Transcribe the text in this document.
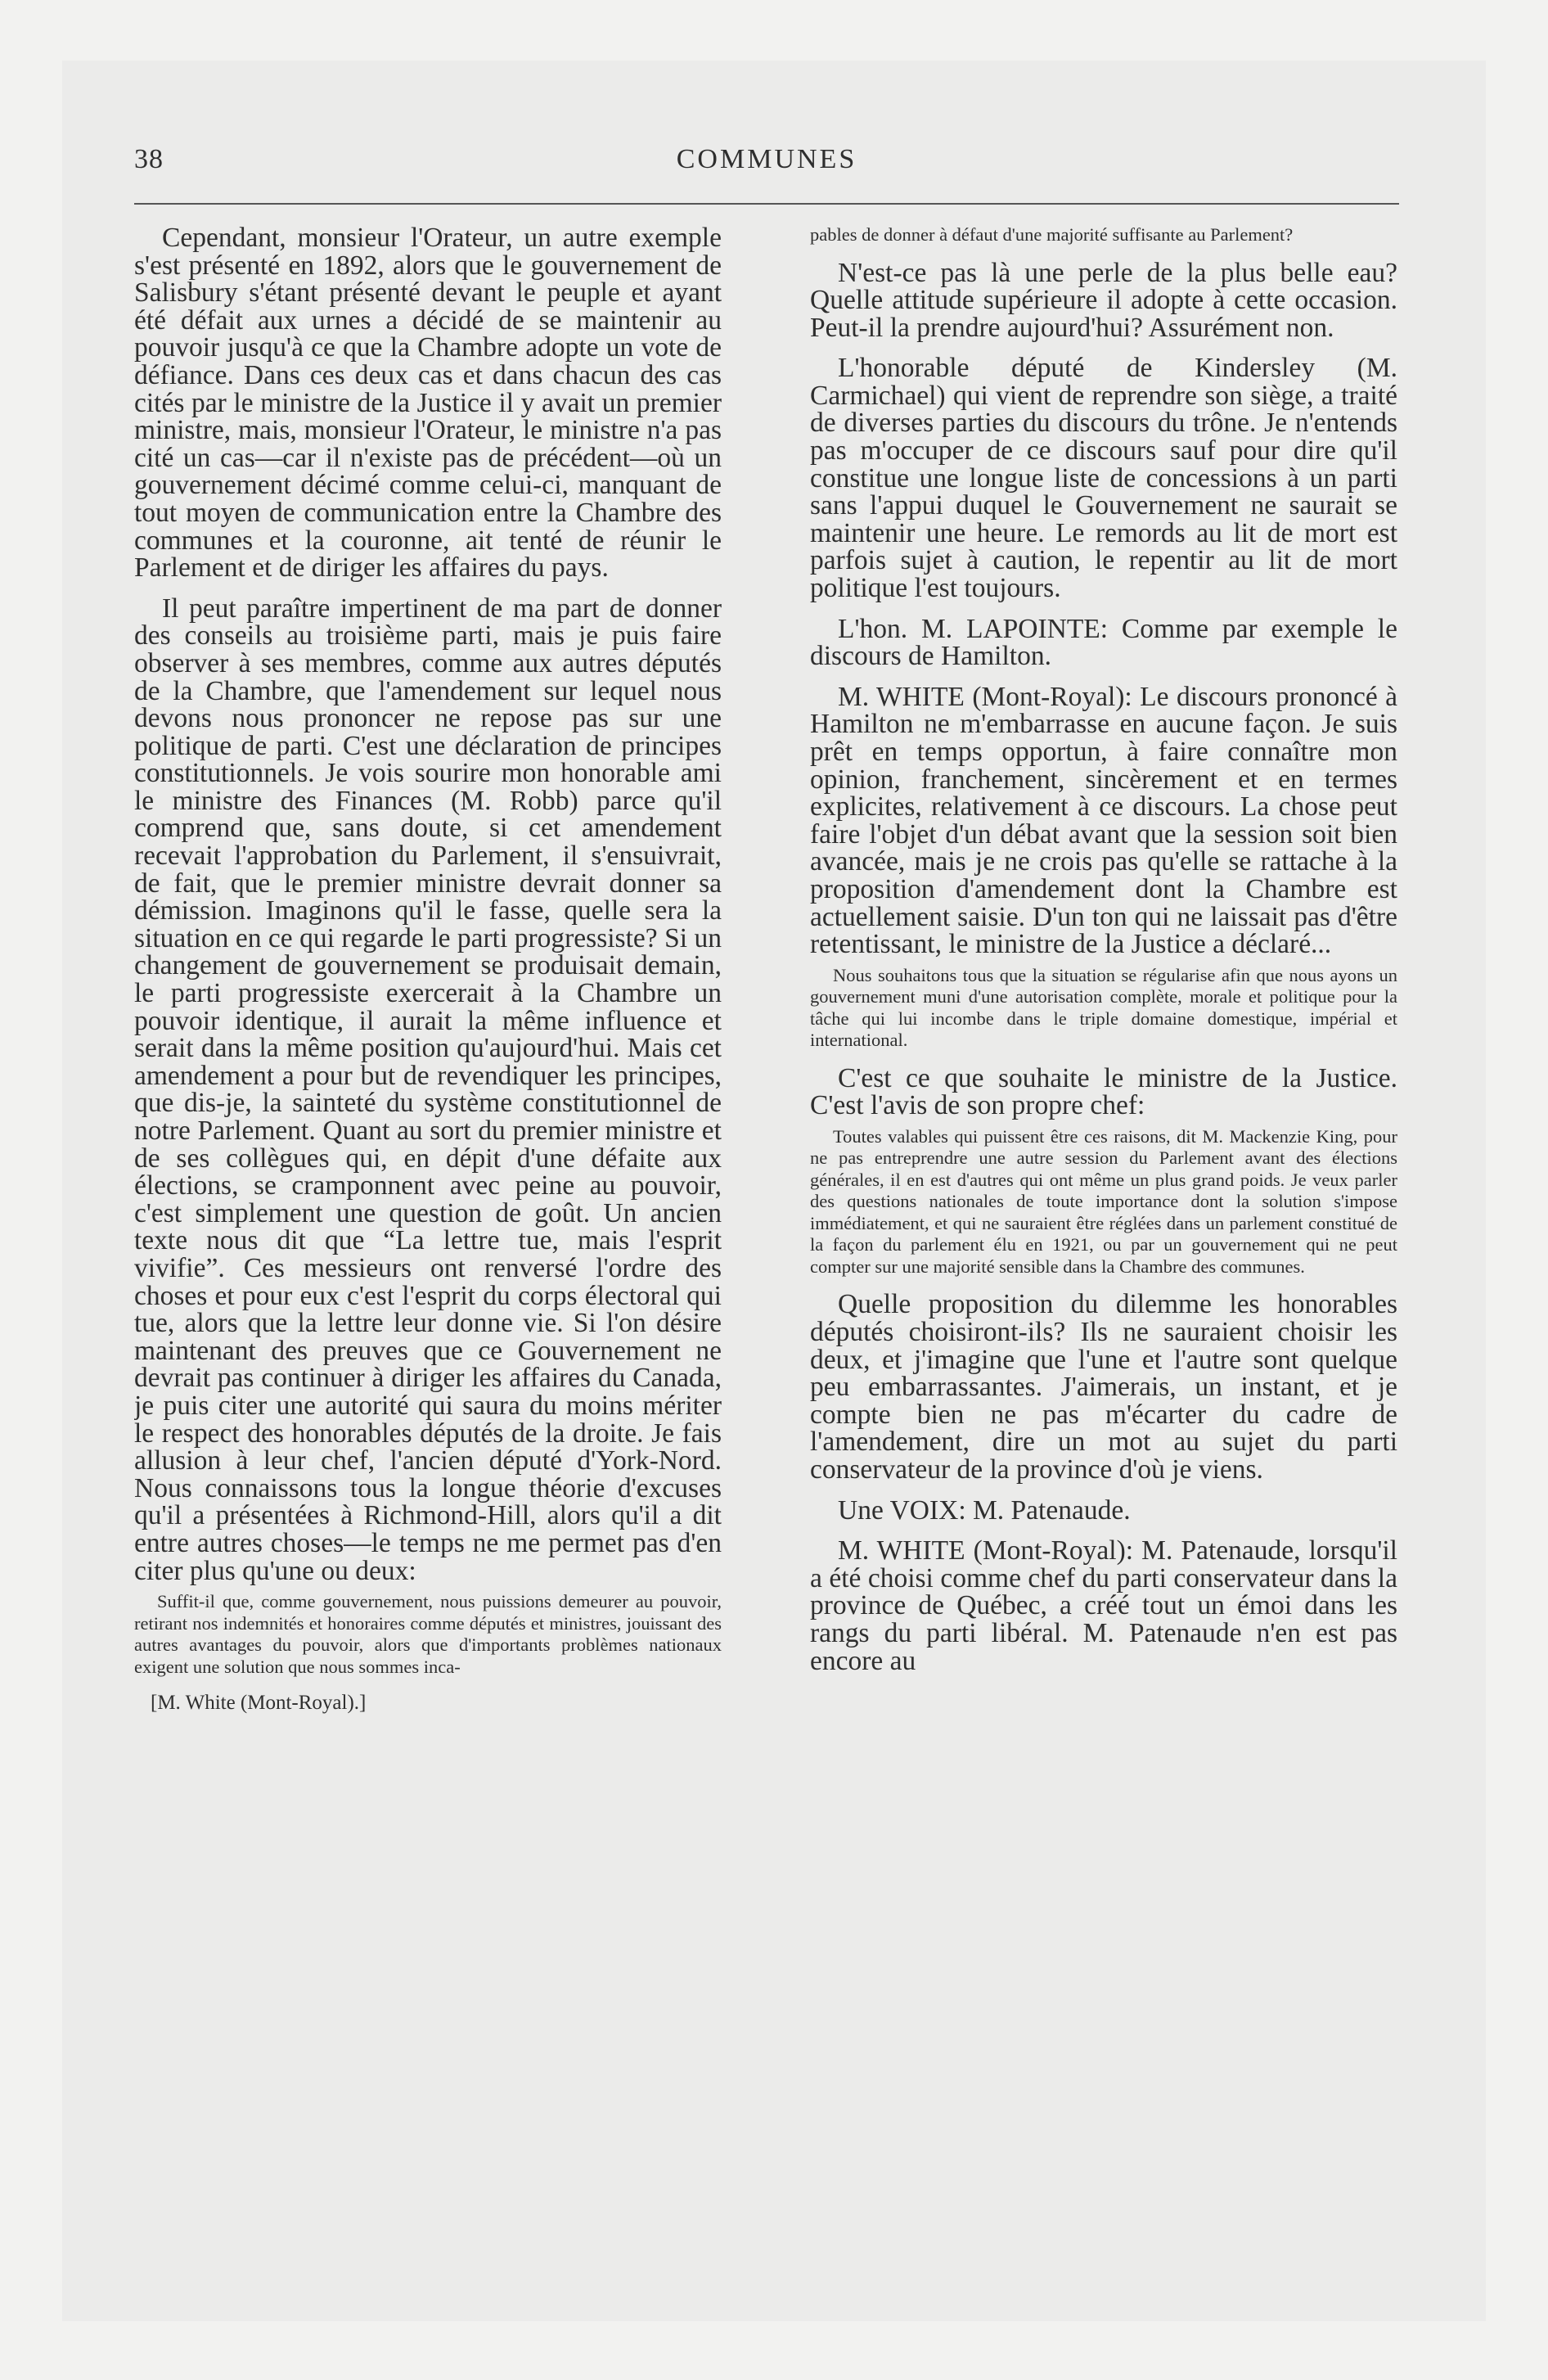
38	COMMUNES

Cependant, monsieur l'Orateur, un autre exemple s'est présenté en 1892, alors que le gouvernement de Salisbury s'étant présenté devant le peuple et ayant été défait aux urnes a décidé de se maintenir au pouvoir jusqu'à ce que la Chambre adopte un vote de défiance. Dans ces deux cas et dans chacun des cas cités par le ministre de la Justice il y avait un premier ministre, mais, monsieur l'Orateur, le ministre n'a pas cité un cas—car il n'existe pas de précédent—où un gouvernement décimé comme celui-ci, manquant de tout moyen de communication entre la Chambre des communes et la couronne, ait tenté de réunir le Parlement et de diriger les affaires du pays.

Il peut paraître impertinent de ma part de donner des conseils au troisième parti, mais je puis faire observer à ses membres, comme aux autres députés de la Chambre, que l'amendement sur lequel nous devons nous prononcer ne repose pas sur une politique de parti. C'est une déclaration de principes constitutionnels. Je vois sourire mon honorable ami le ministre des Finances (M. Robb) parce qu'il comprend que, sans doute, si cet amendement recevait l'approbation du Parlement, il s'ensuivrait, de fait, que le premier ministre devrait donner sa démission. Imaginons qu'il le fasse, quelle sera la situation en ce qui regarde le parti progressiste? Si un changement de gouvernement se produisait demain, le parti progressiste exercerait à la Chambre un pouvoir identique, il aurait la même influence et serait dans la même position qu'aujourd'hui. Mais cet amendement a pour but de revendiquer les principes, que dis-je, la sainteté du système constitutionnel de notre Parlement. Quant au sort du premier ministre et de ses collègues qui, en dépit d'une défaite aux élections, se cramponnent avec peine au pouvoir, c'est simplement une question de goût. Un ancien texte nous dit que “La lettre tue, mais l'esprit vivifie”. Ces messieurs ont renversé l'ordre des choses et pour eux c'est l'esprit du corps électoral qui tue, alors que la lettre leur donne vie. Si l'on désire maintenant des preuves que ce Gouvernement ne devrait pas continuer à diriger les affaires du Canada, je puis citer une autorité qui saura du moins mériter le respect des honorables députés de la droite. Je fais allusion à leur chef, l'ancien député d'York-Nord. Nous connaissons tous la longue théorie d'excuses qu'il a présentées à Richmond-Hill, alors qu'il a dit entre autres choses—le temps ne me permet pas d'en citer plus qu'une ou deux:

Suffit-il que, comme gouvernement, nous puissions demeurer au pouvoir, retirant nos indemnités et honoraires comme députés et ministres, jouissant des autres avantages du pouvoir, alors que d'importants problèmes nationaux exigent une solution que nous sommes inca-

[M. White (Mont-Royal).]

pables de donner à défaut d'une majorité suffisante au Parlement?

N'est-ce pas là une perle de la plus belle eau? Quelle attitude supérieure il adopte à cette occasion. Peut-il la prendre aujourd'hui? Assurément non.

L'honorable député de Kindersley (M. Carmichael) qui vient de reprendre son siège, a traité de diverses parties du discours du trône. Je n'entends pas m'occuper de ce discours sauf pour dire qu'il constitue une longue liste de concessions à un parti sans l'appui duquel le Gouvernement ne saurait se maintenir une heure. Le remords au lit de mort est parfois sujet à caution, le repentir au lit de mort politique l'est toujours.

L'hon. M. LAPOINTE: Comme par exemple le discours de Hamilton.

M. WHITE (Mont-Royal): Le discours prononcé à Hamilton ne m'embarrasse en aucune façon. Je suis prêt en temps opportun, à faire connaître mon opinion, franchement, sincèrement et en termes explicites, relativement à ce discours. La chose peut faire l'objet d'un débat avant que la session soit bien avancée, mais je ne crois pas qu'elle se rattache à la proposition d'amendement dont la Chambre est actuellement saisie. D'un ton qui ne laissait pas d'être retentissant, le ministre de la Justice a déclaré...

Nous souhaitons tous que la situation se régularise afin que nous ayons un gouvernement muni d'une autorisation complète, morale et politique pour la tâche qui lui incombe dans le triple domaine domestique, impérial et international.

C'est ce que souhaite le ministre de la Justice. C'est l'avis de son propre chef:

Toutes valables qui puissent être ces raisons, dit M. Mackenzie King, pour ne pas entreprendre une autre session du Parlement avant des élections générales, il en est d'autres qui ont même un plus grand poids. Je veux parler des questions nationales de toute importance dont la solution s'impose immédiatement, et qui ne sauraient être réglées dans un parlement constitué de la façon du parlement élu en 1921, ou par un gouvernement qui ne peut compter sur une majorité sensible dans la Chambre des communes.

Quelle proposition du dilemme les honorables députés choisiront-ils? Ils ne sauraient choisir les deux, et j'imagine que l'une et l'autre sont quelque peu embarrassantes. J'aimerais, un instant, et je compte bien ne pas m'écarter du cadre de l'amendement, dire un mot au sujet du parti conservateur de la province d'où je viens.

Une VOIX: M. Patenaude.

M. WHITE (Mont-Royal): M. Patenaude, lorsqu'il a été choisi comme chef du parti conservateur dans la province de Québec, a créé tout un émoi dans les rangs du parti libéral. M. Patenaude n'en est pas encore au
